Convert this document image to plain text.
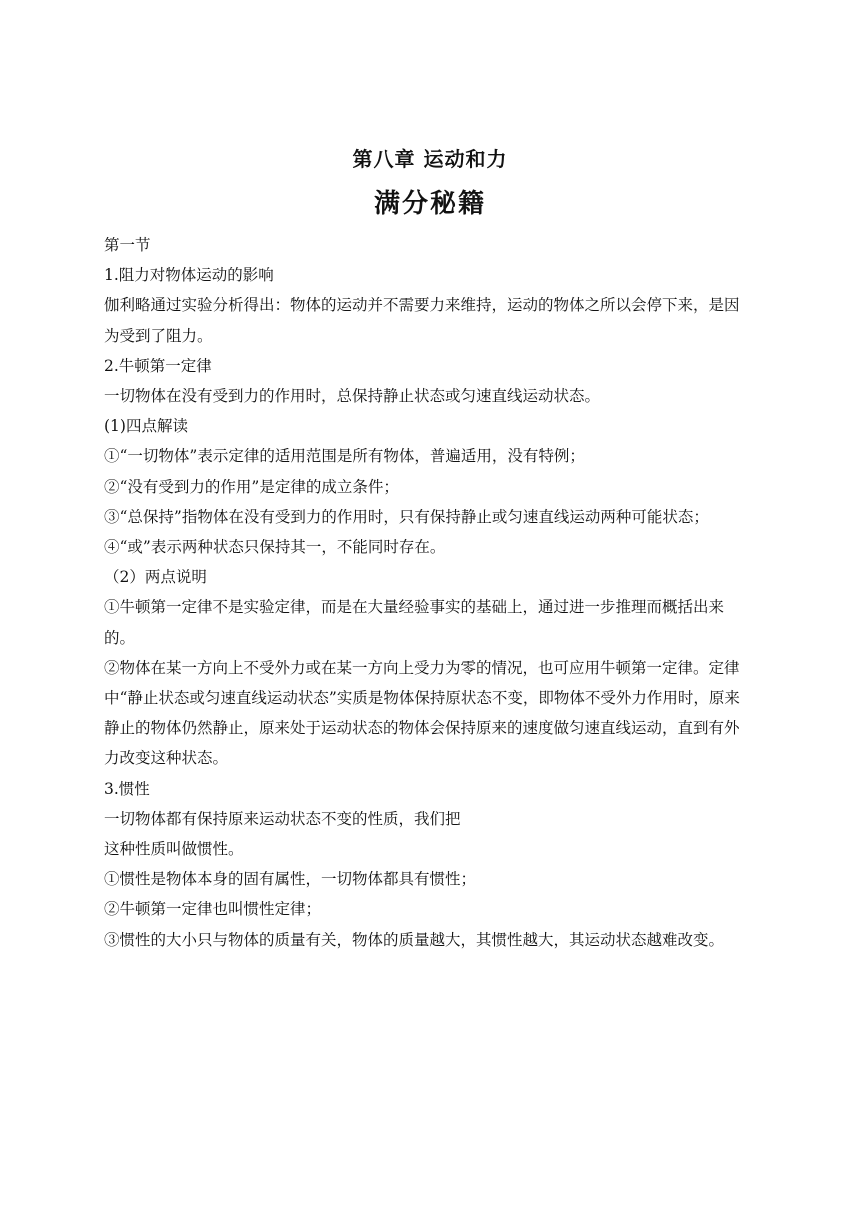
第八章 运动和力
满分秘籍

第一节

1.阻力对物体运动的影响

伽利略通过实验分析得出：物体的运动并不需要力来维持，运动的物体之所以会停下来，是因为受到了阻力。

2.牛顿第一定律

一切物体在没有受到力的作用时，总保持静止状态或匀速直线运动状态。

(1)四点解读

①“一切物体”表示定律的适用范围是所有物体，普遍适用，没有特例；

②“没有受到力的作用”是定律的成立条件；

③“总保持”指物体在没有受到力的作用时，只有保持静止或匀速直线运动两种可能状态；

④“或”表示两种状态只保持其一，不能同时存在。

（2）两点说明

①牛顿第一定律不是实验定律，而是在大量经验事实的基础上，通过进一步推理而概括出来的。

②物体在某一方向上不受外力或在某一方向上受力为零的情况，也可应用牛顿第一定律。定律中“静止状态或匀速直线运动状态”实质是物体保持原状态不变，即物体不受外力作用时，原来静止的物体仍然静止，原来处于运动状态的物体会保持原来的速度做匀速直线运动，直到有外力改变这种状态。

3.惯性

一切物体都有保持原来运动状态不变的性质，我们把

这种性质叫做惯性。

①惯性是物体本身的固有属性，一切物体都具有惯性；

②牛顿第一定律也叫惯性定律；

③惯性的大小只与物体的质量有关，物体的质量越大，其惯性越大，其运动状态越难改变。
